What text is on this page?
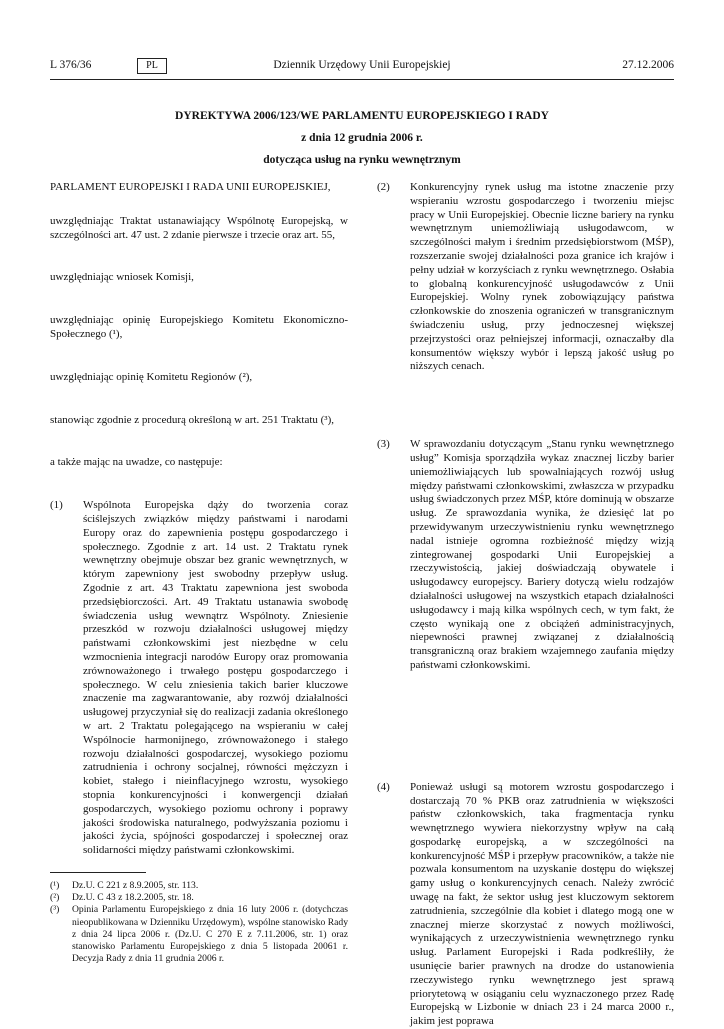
L 376/36	PL	Dziennik Urzędowy Unii Europejskiej	27.12.2006
DYREKTYWA 2006/123/WE PARLAMENTU EUROPEJSKIEGO I RADY
z dnia 12 grudnia 2006 r.
dotycząca usług na rynku wewnętrznym

PARLAMENT EUROPEJSKI I RADA UNII EUROPEJSKIEJ,

uwzględniając Traktat ustanawiający Wspólnotę Europejską, w szczególności art. 47 ust. 2 zdanie pierwsze i trzecie oraz art. 55,

uwzględniając wniosek Komisji,

uwzględniając opinię Europejskiego Komitetu Ekonomiczno-Społecznego (¹),

uwzględniając opinię Komitetu Regionów (²),

stanowiąc zgodnie z procedurą określoną w art. 251 Traktatu (³),

a także mając na uwadze, co następuje:

(1) Wspólnota Europejska dąży do tworzenia coraz ściślejszych związków między państwami i narodami Europy oraz do zapewnienia postępu gospodarczego i społecznego. Zgodnie z art. 14 ust. 2 Traktatu rynek wewnętrzny obejmuje obszar bez granic wewnętrznych, w którym zapewniony jest swobodny przepływ usług. Zgodnie z art. 43 Traktatu zapewniona jest swoboda przedsiębiorczości. Art. 49 Traktatu ustanawia swobodę świadczenia usług wewnątrz Wspólnoty. Zniesienie przeszkód w rozwoju działalności usługowej między państwami członkowskimi jest niezbędne w celu wzmocnienia integracji narodów Europy oraz promowania zrównoważonego i trwałego postępu gospodarczego i społecznego. W celu zniesienia takich barier kluczowe znaczenie ma zagwarantowanie, aby rozwój działalności usługowej przyczyniał się do realizacji zadania określonego w art. 2 Traktatu polegającego na wspieraniu w całej Wspólnocie harmonijnego, zrównoważonego i stałego rozwoju działalności gospodarczej, wysokiego poziomu zatrudnienia i ochrony socjalnej, równości mężczyzn i kobiet, stałego i nieinflacyjnego wzrostu, wysokiego stopnia konkurencyjności i konwergencji działań gospodarczych, wysokiego poziomu ochrony i poprawy jakości środowiska naturalnego, podwyższania poziomu i jakości życia, spójności gospodarczej i społecznej oraz solidarności między państwami członkowskimi.
(2) Konkurencyjny rynek usług ma istotne znaczenie przy wspieraniu wzrostu gospodarczego i tworzeniu miejsc pracy w Unii Europejskiej. Obecnie liczne bariery na rynku wewnętrznym uniemożliwiają usługodawcom, w szczególności małym i średnim przedsiębiorstwom (MŚP), rozszerzanie swojej działalności poza granice ich krajów i pełny udział w korzyściach z rynku wewnętrznego. Osłabia to globalną konkurencyjność usługodawców z Unii Europejskiej. Wolny rynek zobowiązujący państwa członkowskie do znoszenia ograniczeń w transgranicznym świadczeniu usług, przy jednoczesnej większej przejrzystości oraz pełniejszej informacji, oznaczałby dla konsumentów większy wybór i lepszą jakość usług po niższych cenach.
(3) W sprawozdaniu dotyczącym „Stanu rynku wewnętrznego usług” Komisja sporządziła wykaz znacznej liczby barier uniemożliwiających lub spowalniających rozwój usług między państwami członkowskimi, zwłaszcza w przypadku usług świadczonych przez MŚP, które dominują w obszarze usług. Ze sprawozdania wynika, że dziesięć lat po przewidywanym urzeczywistnieniu rynku wewnętrznego nadal istnieje ogromna rozbieżność między wizją zintegrowanej gospodarki Unii Europejskiej a rzeczywistością, jakiej doświadczają obywatele i usługodawcy europejscy. Bariery dotyczą wielu rodzajów działalności usługowej na wszystkich etapach działalności usługodawcy i mają kilka wspólnych cech, w tym fakt, że często wynikają one z obciążeń administracyjnych, niepewności prawnej związanej z działalnością transgraniczną oraz brakiem wzajemnego zaufania między państwami członkowskimi.
(4) Ponieważ usługi są motorem wzrostu gospodarczego i dostarczają 70 % PKB oraz zatrudnienia w większości państw członkowskich, taka fragmentacja rynku wewnętrznego wywiera niekorzystny wpływ na całą gospodarkę europejską, a w szczególności na konkurencyjność MŚP i przepływ pracowników, a także nie pozwala konsumentom na uzyskanie dostępu do większej gamy usług o konkurencyjnych cenach. Należy zwrócić uwagę na fakt, że sektor usług jest kluczowym sektorem zatrudnienia, szczególnie dla kobiet i dlatego mogą one w znacznej mierze skorzystać z nowych możliwości, wynikających z urzeczywistnienia wewnętrznego rynku usług. Parlament Europejski i Rada podkreśliły, że usunięcie barier prawnych na drodze do ustanowienia rzeczywistego rynku wewnętrznego jest sprawą priorytetową w osiąganiu celu wyznaczonego przez Radę Europejską w Lizbonie w dniach 23 i 24 marca 2000 r., jakim jest poprawa
(¹) Dz.U. C 221 z 8.9.2005, str. 113.
(²) Dz.U. C 43 z 18.2.2005, str. 18.
(³) Opinia Parlamentu Europejskiego z dnia 16 luty 2006 r. (dotychczas nieopublikowana w Dzienniku Urzędowym), wspólne stanowisko Rady z dnia 24 lipca 2006 r. (Dz.U. C 270 E z 7.11.2006, str. 1) oraz stanowisko Parlamentu Europejskiego z dnia 5 listopada 20061 r. Decyzja Rady z dnia 11 grudnia 2006 r.
